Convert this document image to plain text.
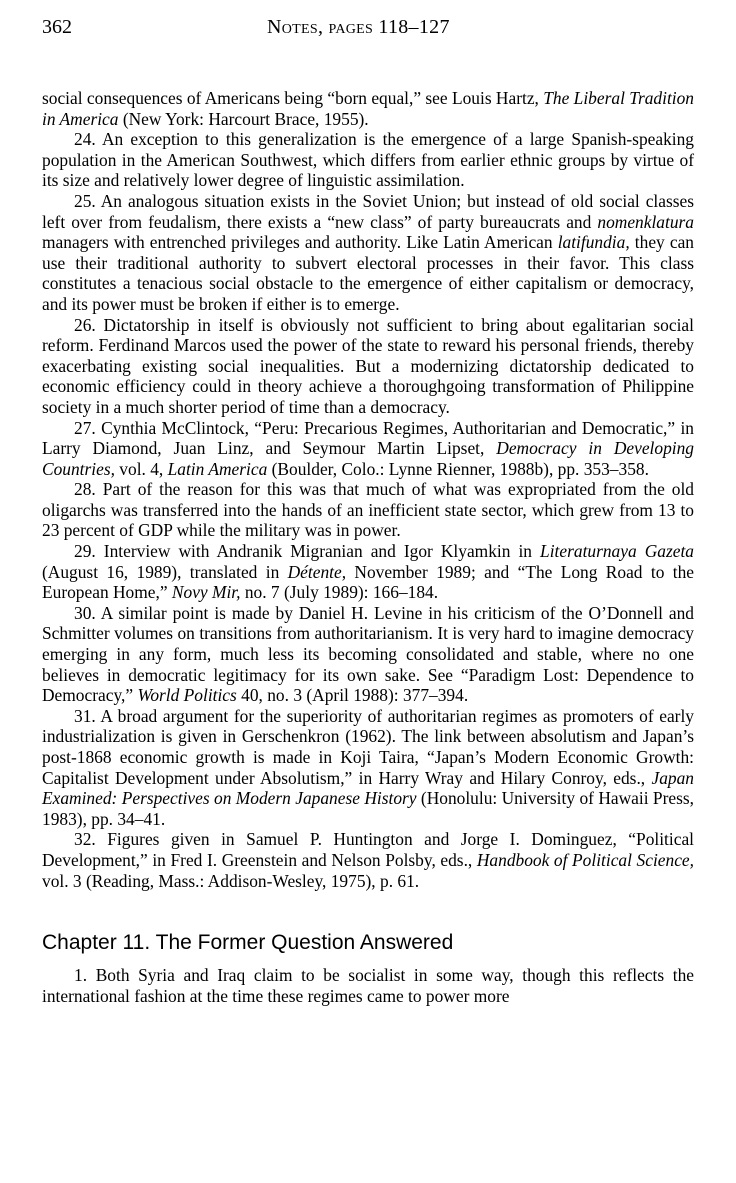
362	Notes, pages 118–127

social consequences of Americans being “born equal,” see Louis Hartz, The Liberal Tradition in America (New York: Harcourt Brace, 1955).

24. An exception to this generalization is the emergence of a large Spanish-speaking population in the American Southwest, which differs from earlier ethnic groups by virtue of its size and relatively lower degree of linguistic assimilation.

25. An analogous situation exists in the Soviet Union; but instead of old social classes left over from feudalism, there exists a “new class” of party bureaucrats and nomenklatura managers with entrenched privileges and authority. Like Latin American latifundia, they can use their traditional authority to subvert electoral processes in their favor. This class constitutes a tenacious social obstacle to the emergence of either capitalism or democracy, and its power must be broken if either is to emerge.

26. Dictatorship in itself is obviously not sufficient to bring about egalitarian social reform. Ferdinand Marcos used the power of the state to reward his personal friends, thereby exacerbating existing social inequalities. But a modernizing dictatorship dedicated to economic efficiency could in theory achieve a thoroughgoing transformation of Philippine society in a much shorter period of time than a democracy.

27. Cynthia McClintock, “Peru: Precarious Regimes, Authoritarian and Democratic,” in Larry Diamond, Juan Linz, and Seymour Martin Lipset, Democracy in Developing Countries, vol. 4, Latin America (Boulder, Colo.: Lynne Rienner, 1988b), pp. 353–358.

28. Part of the reason for this was that much of what was expropriated from the old oligarchs was transferred into the hands of an inefficient state sector, which grew from 13 to 23 percent of GDP while the military was in power.

29. Interview with Andranik Migranian and Igor Klyamkin in Literaturnaya Gazeta (August 16, 1989), translated in Détente, November 1989; and “The Long Road to the European Home,” Novy Mir, no. 7 (July 1989): 166–184.

30. A similar point is made by Daniel H. Levine in his criticism of the O’Donnell and Schmitter volumes on transitions from authoritarianism. It is very hard to imagine democracy emerging in any form, much less its becoming consolidated and stable, where no one believes in democratic legitimacy for its own sake. See “Paradigm Lost: Dependence to Democracy,” World Politics 40, no. 3 (April 1988): 377–394.

31. A broad argument for the superiority of authoritarian regimes as promoters of early industrialization is given in Gerschenkron (1962). The link between absolutism and Japan’s post-1868 economic growth is made in Koji Taira, “Japan’s Modern Economic Growth: Capitalist Development under Absolutism,” in Harry Wray and Hilary Conroy, eds., Japan Examined: Perspectives on Modern Japanese History (Honolulu: University of Hawaii Press, 1983), pp. 34–41.

32. Figures given in Samuel P. Huntington and Jorge I. Dominguez, “Political Development,” in Fred I. Greenstein and Nelson Polsby, eds., Handbook of Political Science, vol. 3 (Reading, Mass.: Addison-Wesley, 1975), p. 61.

Chapter 11. The Former Question Answered

1. Both Syria and Iraq claim to be socialist in some way, though this reflects the international fashion at the time these regimes came to power more
